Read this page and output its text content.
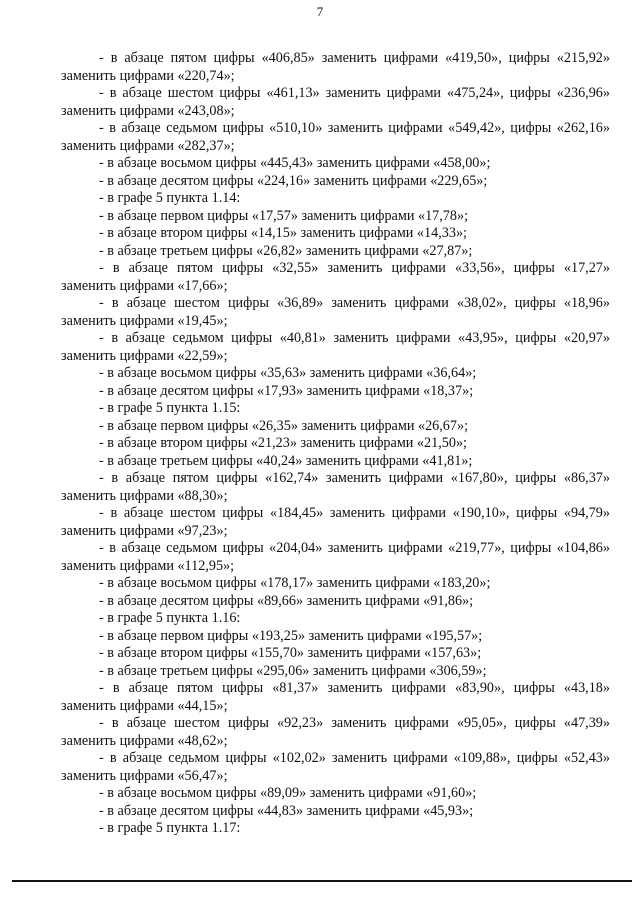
7

- в абзаце пятом цифры «406,85» заменить цифрами «419,50», цифры «215,92» заменить цифрами «220,74»;

- в абзаце шестом цифры «461,13» заменить цифрами «475,24», цифры «236,96» заменить цифрами «243,08»;

- в абзаце седьмом цифры «510,10» заменить цифрами «549,42», цифры «262,16» заменить цифрами «282,37»;

- в абзаце восьмом цифры «445,43» заменить цифрами «458,00»;

- в абзаце десятом цифры «224,16» заменить цифрами «229,65»;

- в графе 5 пункта 1.14:

- в абзаце первом цифры «17,57» заменить цифрами «17,78»;

- в абзаце втором цифры «14,15» заменить цифрами «14,33»;

- в абзаце третьем цифры «26,82» заменить цифрами «27,87»;

- в абзаце пятом цифры «32,55» заменить цифрами «33,56», цифры «17,27» заменить цифрами «17,66»;

- в абзаце шестом цифры «36,89» заменить цифрами «38,02», цифры «18,96» заменить цифрами «19,45»;

- в абзаце седьмом цифры «40,81» заменить цифрами «43,95», цифры «20,97» заменить цифрами «22,59»;

- в абзаце восьмом цифры «35,63» заменить цифрами «36,64»;

- в абзаце десятом цифры «17,93» заменить цифрами «18,37»;

- в графе 5 пункта 1.15:

- в абзаце первом цифры «26,35» заменить цифрами «26,67»;

- в абзаце втором цифры «21,23» заменить цифрами «21,50»;

- в абзаце третьем цифры «40,24» заменить цифрами «41,81»;

- в абзаце пятом цифры «162,74» заменить цифрами «167,80», цифры «86,37» заменить цифрами «88,30»;

- в абзаце шестом цифры «184,45» заменить цифрами «190,10», цифры «94,79» заменить цифрами «97,23»;

- в абзаце седьмом цифры «204,04» заменить цифрами «219,77», цифры «104,86» заменить цифрами «112,95»;

- в абзаце восьмом цифры «178,17» заменить цифрами «183,20»;

- в абзаце десятом цифры «89,66» заменить цифрами «91,86»;

- в графе 5 пункта 1.16:

- в абзаце первом цифры «193,25» заменить цифрами «195,57»;

- в абзаце втором цифры «155,70» заменить цифрами «157,63»;

- в абзаце третьем цифры «295,06» заменить цифрами «306,59»;

- в абзаце пятом цифры «81,37» заменить цифрами «83,90», цифры «43,18» заменить цифрами «44,15»;

- в абзаце шестом цифры «92,23» заменить цифрами «95,05», цифры «47,39» заменить цифрами «48,62»;

- в абзаце седьмом цифры «102,02» заменить цифрами «109,88», цифры «52,43» заменить цифрами «56,47»;

- в абзаце восьмом цифры «89,09» заменить цифрами «91,60»;

- в абзаце десятом цифры «44,83» заменить цифрами «45,93»;

- в графе 5 пункта 1.17:
